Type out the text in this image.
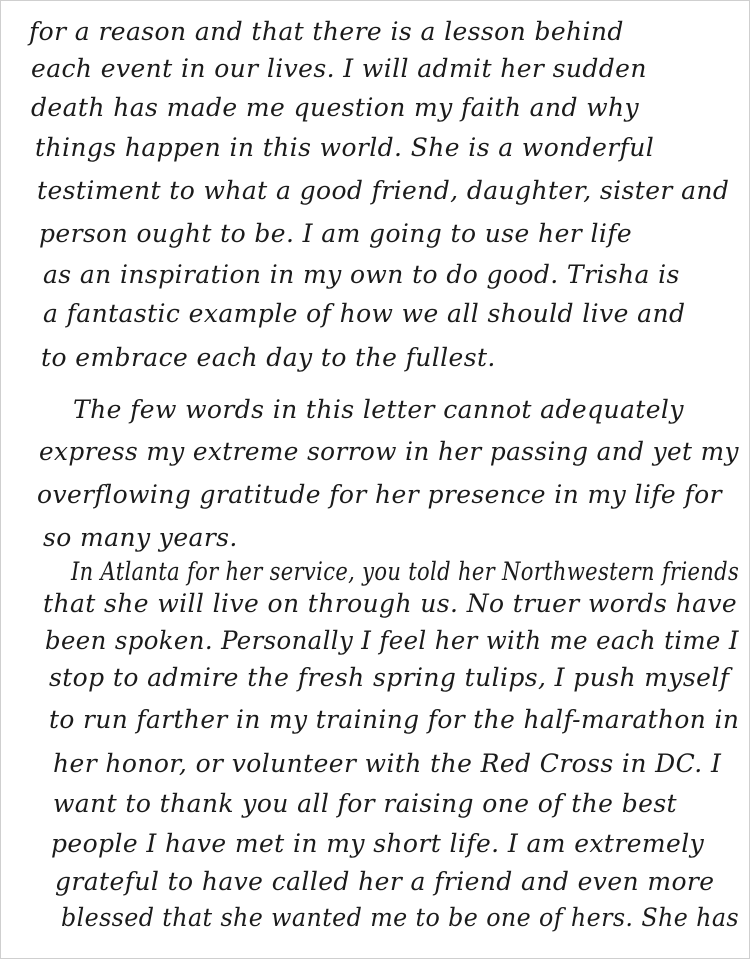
for a reason and that there is a lesson behind
each event in our lives. I will admit her sudden
death has made me question my faith and why
things happen in this world. She is a wonderful
testiment to what a good friend, daughter, sister and
person ought to be. I am going to use her life
as an inspiration in my own to do good. Trisha is
a fantastic example of how we all should live and
to embrace each day to the fullest.
The few words in this letter cannot adequately
express my extreme sorrow in her passing and yet my
overflowing gratitude for her presence in my life for
so many years.
In Atlanta for her service, you told her Northwestern friends
that she will live on through us. No truer words have
been spoken. Personally I feel her with me each time I
stop to admire the fresh spring tulips, I push myself
to run farther in my training for the half-marathon in
her honor, or volunteer with the Red Cross in DC. I
want to thank you all for raising one of the best
people I have met in my short life. I am extremely
grateful to have called her a friend and even more
blessed that she wanted me to be one of hers. She has
